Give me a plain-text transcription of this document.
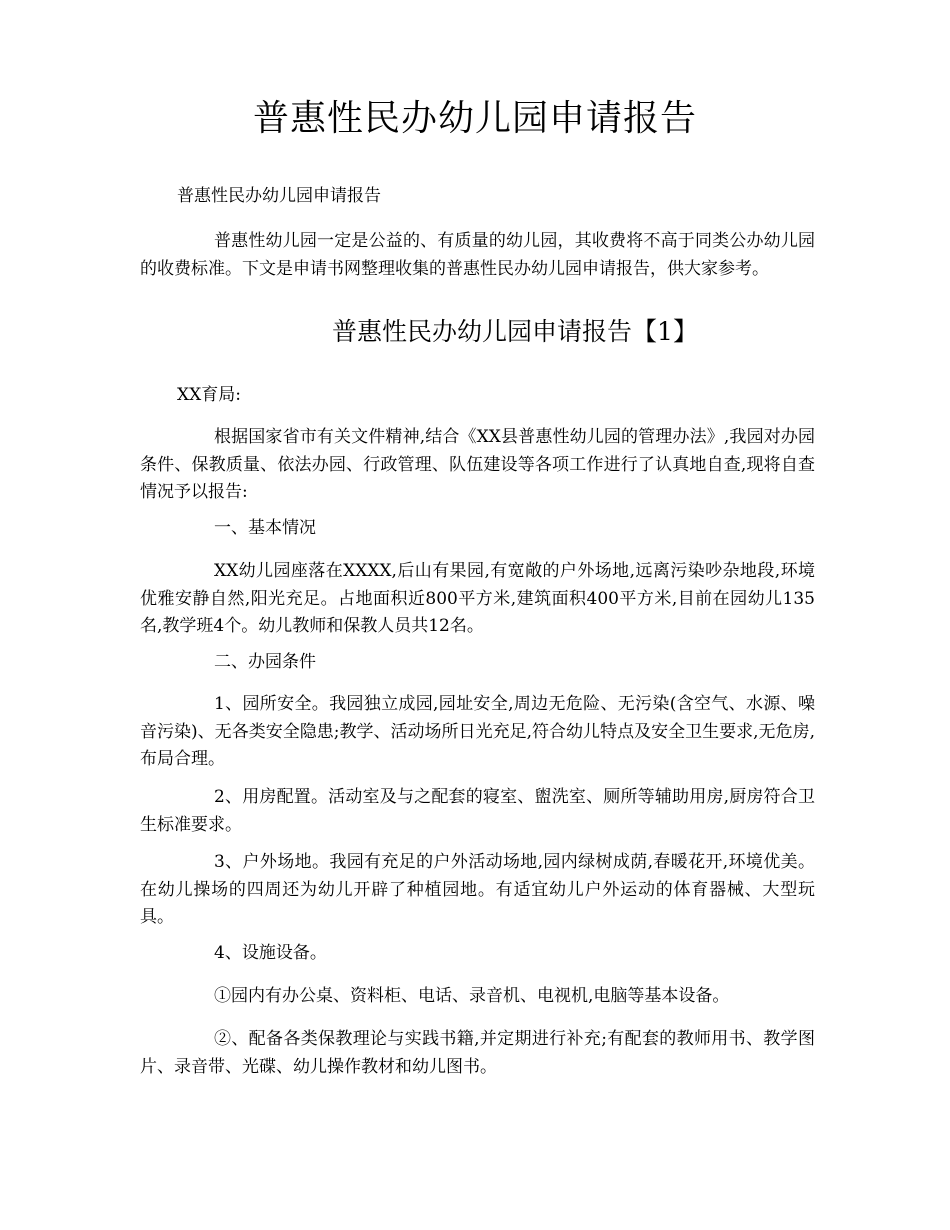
普惠性民办幼儿园申请报告
普惠性民办幼儿园申请报告
普惠性幼儿园一定是公益的、有质量的幼儿园，其收费将不高于同类公办幼儿园的收费标准。下文是申请书网整理收集的普惠性民办幼儿园申请报告，供大家参考。
普惠性民办幼儿园申请报告【1】
XX育局:
根据国家省市有关文件精神,结合《XX县普惠性幼儿园的管理办法》,我园对办园条件、保教质量、依法办园、行政管理、队伍建设等各项工作进行了认真地自查,现将自查情况予以报告:
一、基本情况
XX幼儿园座落在XXXX,后山有果园,有宽敞的户外场地,远离污染吵杂地段,环境优雅安静自然,阳光充足。占地面积近800平方米,建筑面积400平方米,目前在园幼儿135名,教学班4个。幼儿教师和保教人员共12名。
二、办园条件
1、园所安全。我园独立成园,园址安全,周边无危险、无污染(含空气、水源、噪音污染)、无各类安全隐患;教学、活动场所日光充足,符合幼儿特点及安全卫生要求,无危房,布局合理。
2、用房配置。活动室及与之配套的寝室、盥洗室、厕所等辅助用房,厨房符合卫生标准要求。
3、户外场地。我园有充足的户外活动场地,园内绿树成荫,春暖花开,环境优美。在幼儿操场的四周还为幼儿开辟了种植园地。有适宜幼儿户外运动的体育器械、大型玩具。
4、设施设备。
①园内有办公桌、资料柜、电话、录音机、电视机,电脑等基本设备。
②、配备各类保教理论与实践书籍,并定期进行补充;有配套的教师用书、教学图片、录音带、光碟、幼儿操作教材和幼儿图书。
